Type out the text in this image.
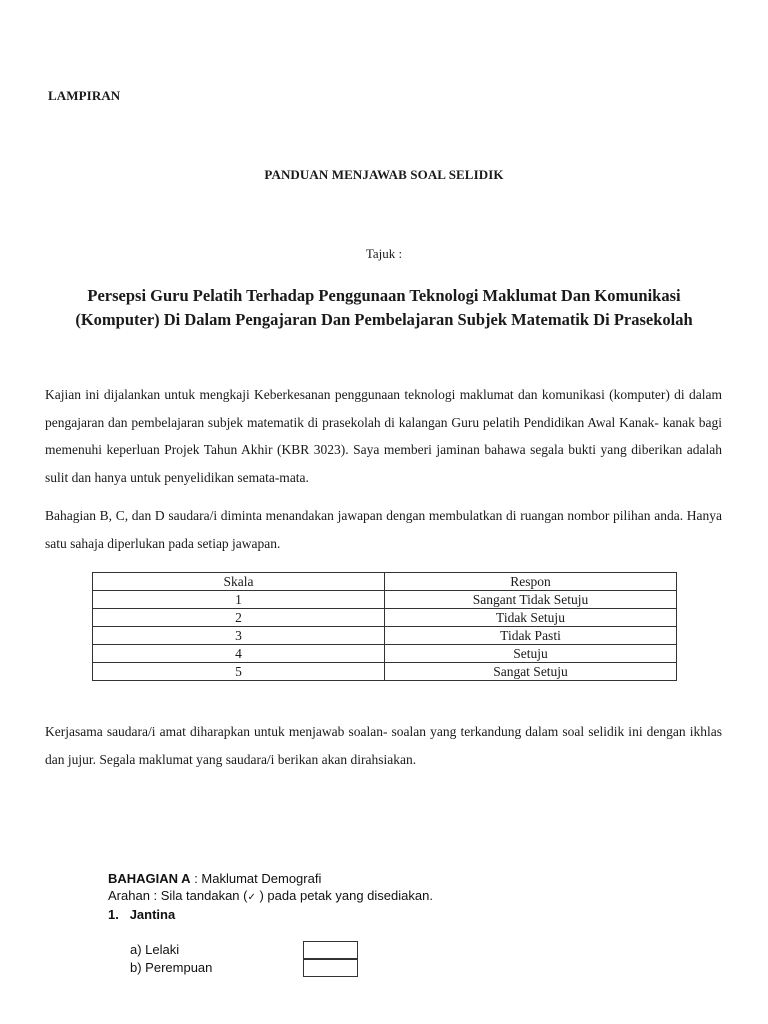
LAMPIRAN
PANDUAN MENJAWAB SOAL SELIDIK
Tajuk :
Persepsi Guru Pelatih Terhadap Penggunaan Teknologi Maklumat Dan Komunikasi
(Komputer) Di Dalam Pengajaran Dan Pembelajaran Subjek Matematik Di Prasekolah

Kajian ini dijalankan untuk mengkaji Keberkesanan penggunaan teknologi maklumat dan komunikasi (komputer) di dalam pengajaran dan pembelajaran subjek matematik di prasekolah di kalangan Guru pelatih Pendidikan Awal Kanak- kanak bagi memenuhi keperluan Projek Tahun Akhir (KBR 3023). Saya memberi jaminan bahawa segala bukti yang diberikan adalah sulit dan hanya untuk penyelidikan semata-mata.

Bahagian B, C, dan D saudara/i diminta menandakan jawapan dengan membulatkan di ruangan nombor pilihan anda. Hanya satu sahaja diperlukan pada setiap jawapan.

Skala	Respon
1	Sangant Tidak Setuju
2	Tidak Setuju
3	Tidak Pasti
4	Setuju
5	Sangat Setuju

Kerjasama saudara/i amat diharapkan untuk menjawab soalan- soalan yang terkandung dalam soal selidik ini dengan ikhlas dan jujur. Segala maklumat yang saudara/i berikan akan dirahsiakan.

BAHAGIAN A : Maklumat Demografi
Arahan : Sila tandakan (✓ ) pada petak yang disediakan.
1. Jantina
a) Lelaki
b) Perempuan
